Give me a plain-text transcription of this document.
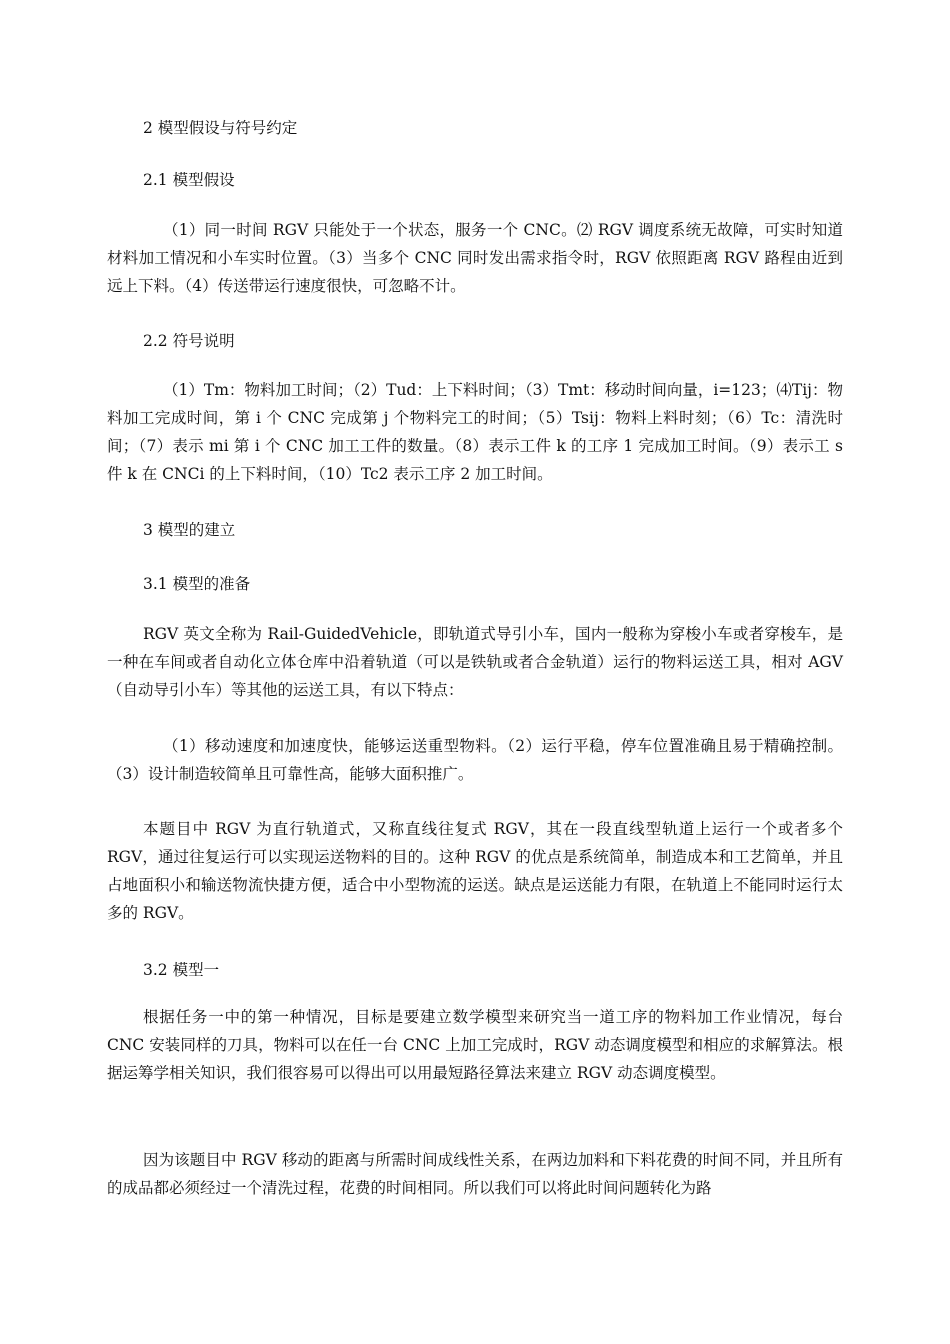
2 模型假设与符号约定
2.1 模型假设

（1）同一时间 RGV 只能处于一个状态，服务一个 CNC。⑵ RGV 调度系统无故障，可实时知道材料加工情况和小车实时位置。（3）当多个 CNC 同时发出需求指令时，RGV 依照距离 RGV 路程由近到远上下料。（4）传送带运行速度很快，可忽略不计。

2.2 符号说明

（1）Tm：物料加工时间；（2）Tud：上下料时间；（3）Tmt：移动时间向量，i=123；⑷Tij：物料加工完成时间，第 i 个 CNC 完成第 j 个物料完工的时间；（5）Tsij：物料上料时刻；（6）Tc：清洗时间；（7）表示 mi 第 i 个 CNC 加工工件的数量。（8）表示工件 k 的工序 1 完成加工时间。（9）表示工 s 件 k 在 CNCi 的上下料时间，（10）Tc2 表示工序 2 加工时间。

3 模型的建立
3.1 模型的准备

RGV 英文全称为 Rail-GuidedVehicle，即轨道式导引小车，国内一般称为穿梭小车或者穿梭车，是一种在车间或者自动化立体仓库中沿着轨道（可以是铁轨或者合金轨道）运行的物料运送工具，相对 AGV（自动导引小车）等其他的运送工具，有以下特点：

（1）移动速度和加速度快，能够运送重型物料。（2）运行平稳，停车位置准确且易于精确控制。（3）设计制造较简单且可靠性高，能够大面积推广。

本题目中 RGV 为直行轨道式，又称直线往复式 RGV，其在一段直线型轨道上运行一个或者多个 RGV，通过往复运行可以实现运送物料的目的。这种 RGV 的优点是系统简单，制造成本和工艺简单，并且占地面积小和输送物流快捷方便，适合中小型物流的运送。缺点是运送能力有限，在轨道上不能同时运行太多的 RGV。

3.2 模型一

根据任务一中的第一种情况，目标是要建立数学模型来研究当一道工序的物料加工作业情况，每台 CNC 安装同样的刀具，物料可以在任一台 CNC 上加工完成时，RGV 动态调度模型和相应的求解算法。根据运筹学相关知识，我们很容易可以得出可以用最短路径算法来建立 RGV 动态调度模型。

因为该题目中 RGV 移动的距离与所需时间成线性关系，在两边加料和下料花费的时间不同，并且所有的成品都必须经过一个清洗过程，花费的时间相同。所以我们可以将此时间问题转化为路
